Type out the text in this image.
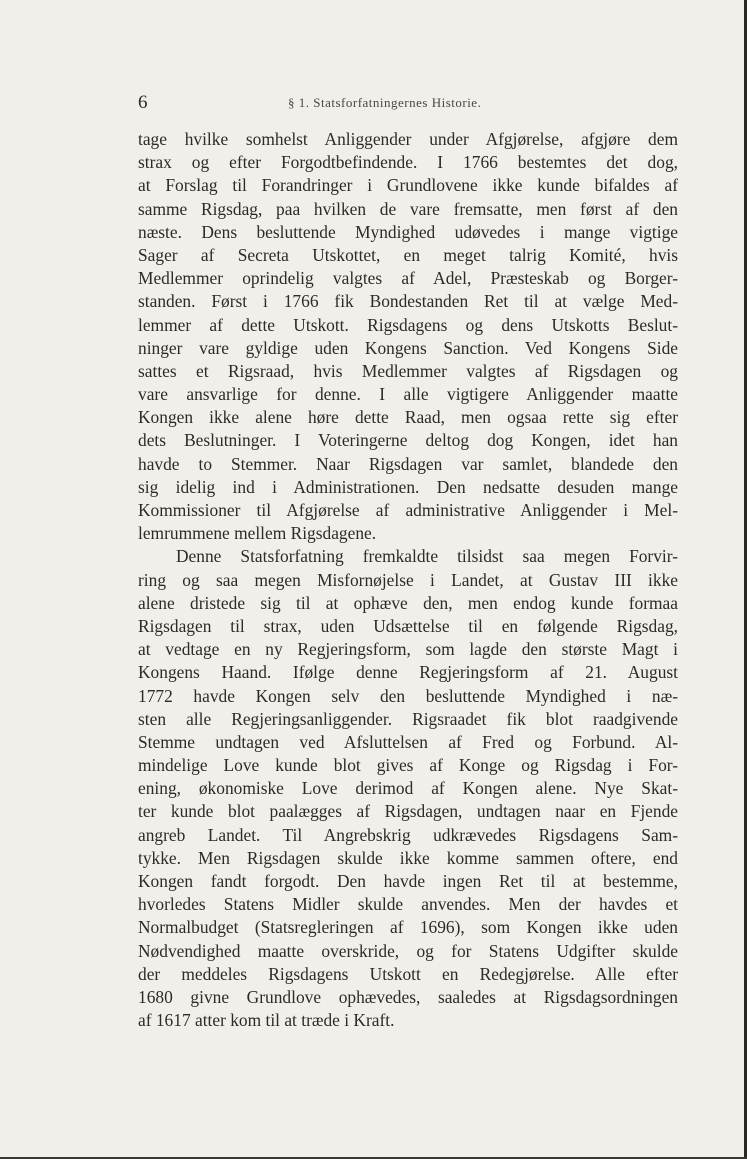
6	§ 1. Statsforfatningernes Historie.
tage hvilke somhelst Anliggender under Afgjørelse, afgjøre dem
strax og efter Forgodtbefindende. I 1766 bestemtes det dog,
at Forslag til Forandringer i Grundlovene ikke kunde bifaldes af
samme Rigsdag, paa hvilken de vare fremsatte, men først af den
næste. Dens besluttende Myndighed udøvedes i mange vigtige
Sager af Secreta Utskottet, en meget talrig Komité, hvis
Medlemmer oprindelig valgtes af Adel, Præsteskab og Borger-
standen. Først i 1766 fik Bondestanden Ret til at vælge Med-
lemmer af dette Utskott. Rigsdagens og dens Utskotts Beslut-
ninger vare gyldige uden Kongens Sanction. Ved Kongens Side
sattes et Rigsraad, hvis Medlemmer valgtes af Rigsdagen og
vare ansvarlige for denne. I alle vigtigere Anliggender maatte
Kongen ikke alene høre dette Raad, men ogsaa rette sig efter
dets Beslutninger. I Voteringerne deltog dog Kongen, idet han
havde to Stemmer. Naar Rigsdagen var samlet, blandede den
sig idelig ind i Administrationen. Den nedsatte desuden mange
Kommissioner til Afgjørelse af administrative Anliggender i Mel-
lemrummene mellem Rigsdagene.
Denne Statsforfatning fremkaldte tilsidst saa megen Forvir-
ring og saa megen Misfornøjelse i Landet, at Gustav III ikke
alene dristede sig til at ophæve den, men endog kunde formaa
Rigsdagen til strax, uden Udsættelse til en følgende Rigsdag,
at vedtage en ny Regjeringsform, som lagde den største Magt i
Kongens Haand. Ifølge denne Regjeringsform af 21. August
1772 havde Kongen selv den besluttende Myndighed i næ-
sten alle Regjeringsanliggender. Rigsraadet fik blot raadgivende
Stemme undtagen ved Afsluttelsen af Fred og Forbund. Al-
mindelige Love kunde blot gives af Konge og Rigsdag i For-
ening, økonomiske Love derimod af Kongen alene. Nye Skat-
ter kunde blot paalægges af Rigsdagen, undtagen naar en Fjende
angreb Landet. Til Angrebskrig udkrævedes Rigsdagens Sam-
tykke. Men Rigsdagen skulde ikke komme sammen oftere, end
Kongen fandt forgodt. Den havde ingen Ret til at bestemme,
hvorledes Statens Midler skulde anvendes. Men der havdes et
Normalbudget (Statsregleringen af 1696), som Kongen ikke uden
Nødvendighed maatte overskride, og for Statens Udgifter skulde
der meddeles Rigsdagens Utskott en Redegjørelse. Alle efter
1680 givne Grundlove ophævedes, saaledes at Rigsdagsordningen
af 1617 atter kom til at træde i Kraft.
